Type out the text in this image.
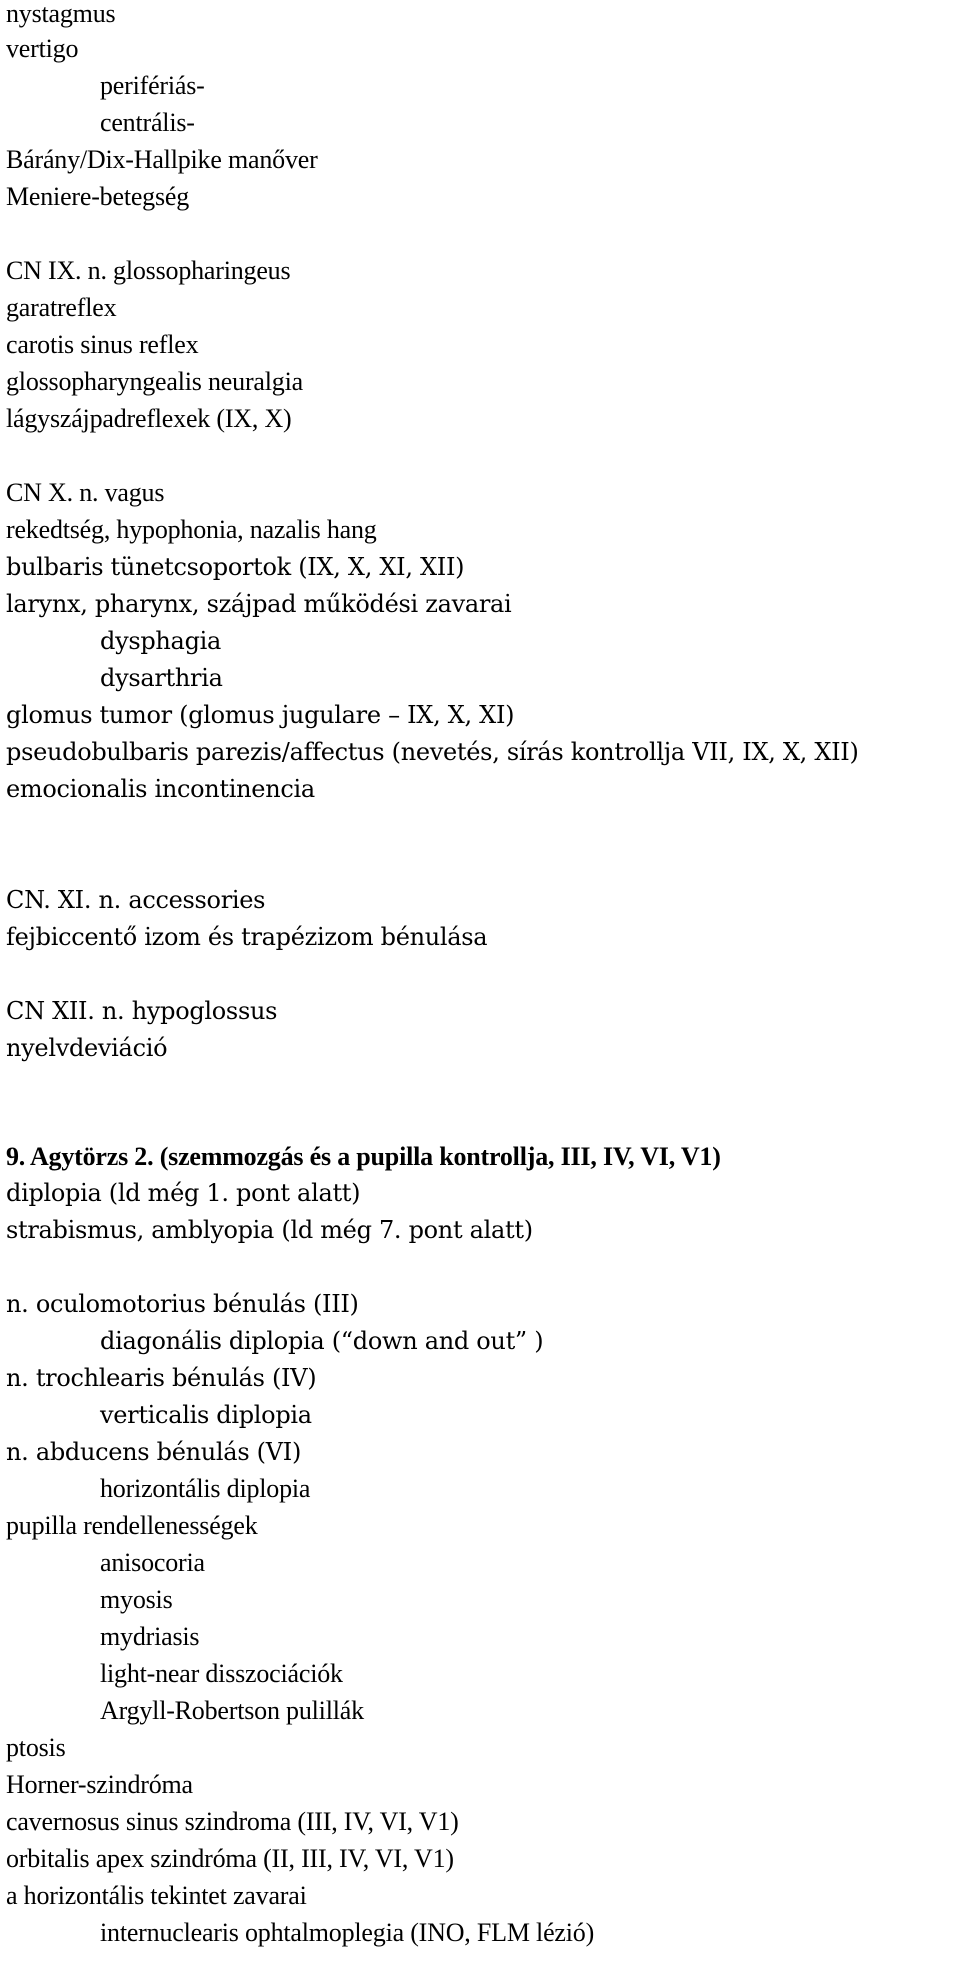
nystagmus

vertigo

perifériás-

centrális-

Bárány/Dix-Hallpike manőver

Meniere-betegség

CN IX. n. glossopharingeus

garatreflex

carotis sinus reflex

glossopharyngealis neuralgia

lágyszájpadreflexek (IX, X)

CN X. n. vagus

rekedtség, hypophonia, nazalis hang

bulbaris tünetcsoportok (IX, X, XI, XII)

larynx, pharynx, szájpad működési zavarai

dysphagia

dysarthria

glomus tumor (glomus jugulare – IX, X, XI)

pseudobulbaris parezis/affectus (nevetés, sírás kontrollja VII, IX, X, XII)

emocionalis incontinencia

CN. XI. n. accessories

fejbiccentő izom és trapézizom bénulása

CN XII. n. hypoglossus

nyelvdeviáció

9. Agytörzs 2. (szemmozgás és a pupilla kontrollja, III, IV, VI, V1)

diplopia (ld még 1. pont alatt)

strabismus, amblyopia (ld még 7. pont alatt)

n. oculomotorius bénulás (III)

diagonális diplopia (“down and out” )

n. trochlearis bénulás (IV)

verticalis diplopia

n. abducens bénulás (VI)

horizontális diplopia

pupilla rendellenességek

anisocoria

myosis

mydriasis

light-near disszociációk

Argyll-Robertson pulillák

ptosis

Horner-szindróma

cavernosus sinus szindroma (III, IV, VI, V1)

orbitalis apex szindróma (II, III, IV, VI, V1)

a horizontális tekintet zavarai

internuclearis ophtalmoplegia (INO, FLM lézió)
